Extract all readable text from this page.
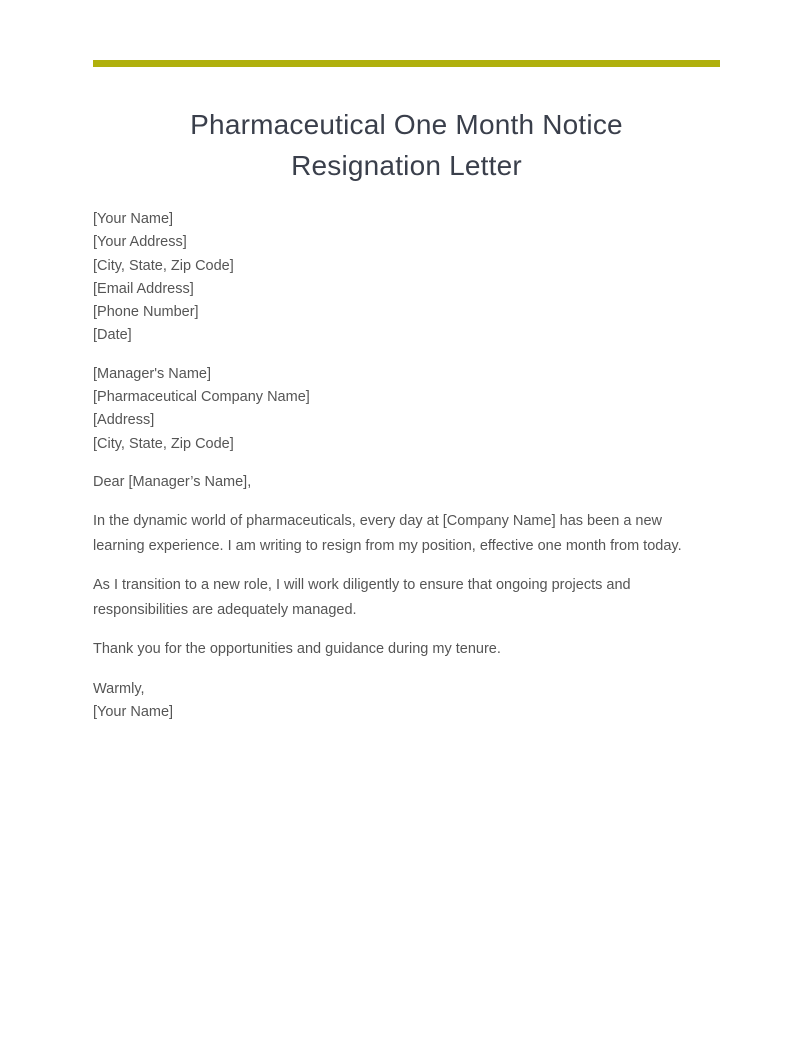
Pharmaceutical One Month Notice
Resignation Letter
[Your Name]
[Your Address]
[City, State, Zip Code]
[Email Address]
[Phone Number]
[Date]
[Manager's Name]
[Pharmaceutical Company Name]
[Address]
[City, State, Zip Code]

Dear [Manager’s Name],

In the dynamic world of pharmaceuticals, every day at [Company Name] has been a new learning experience. I am writing to resign from my position, effective one month from today.

As I transition to a new role, I will work diligently to ensure that ongoing projects and responsibilities are adequately managed.

Thank you for the opportunities and guidance during my tenure.

Warmly,
[Your Name]
